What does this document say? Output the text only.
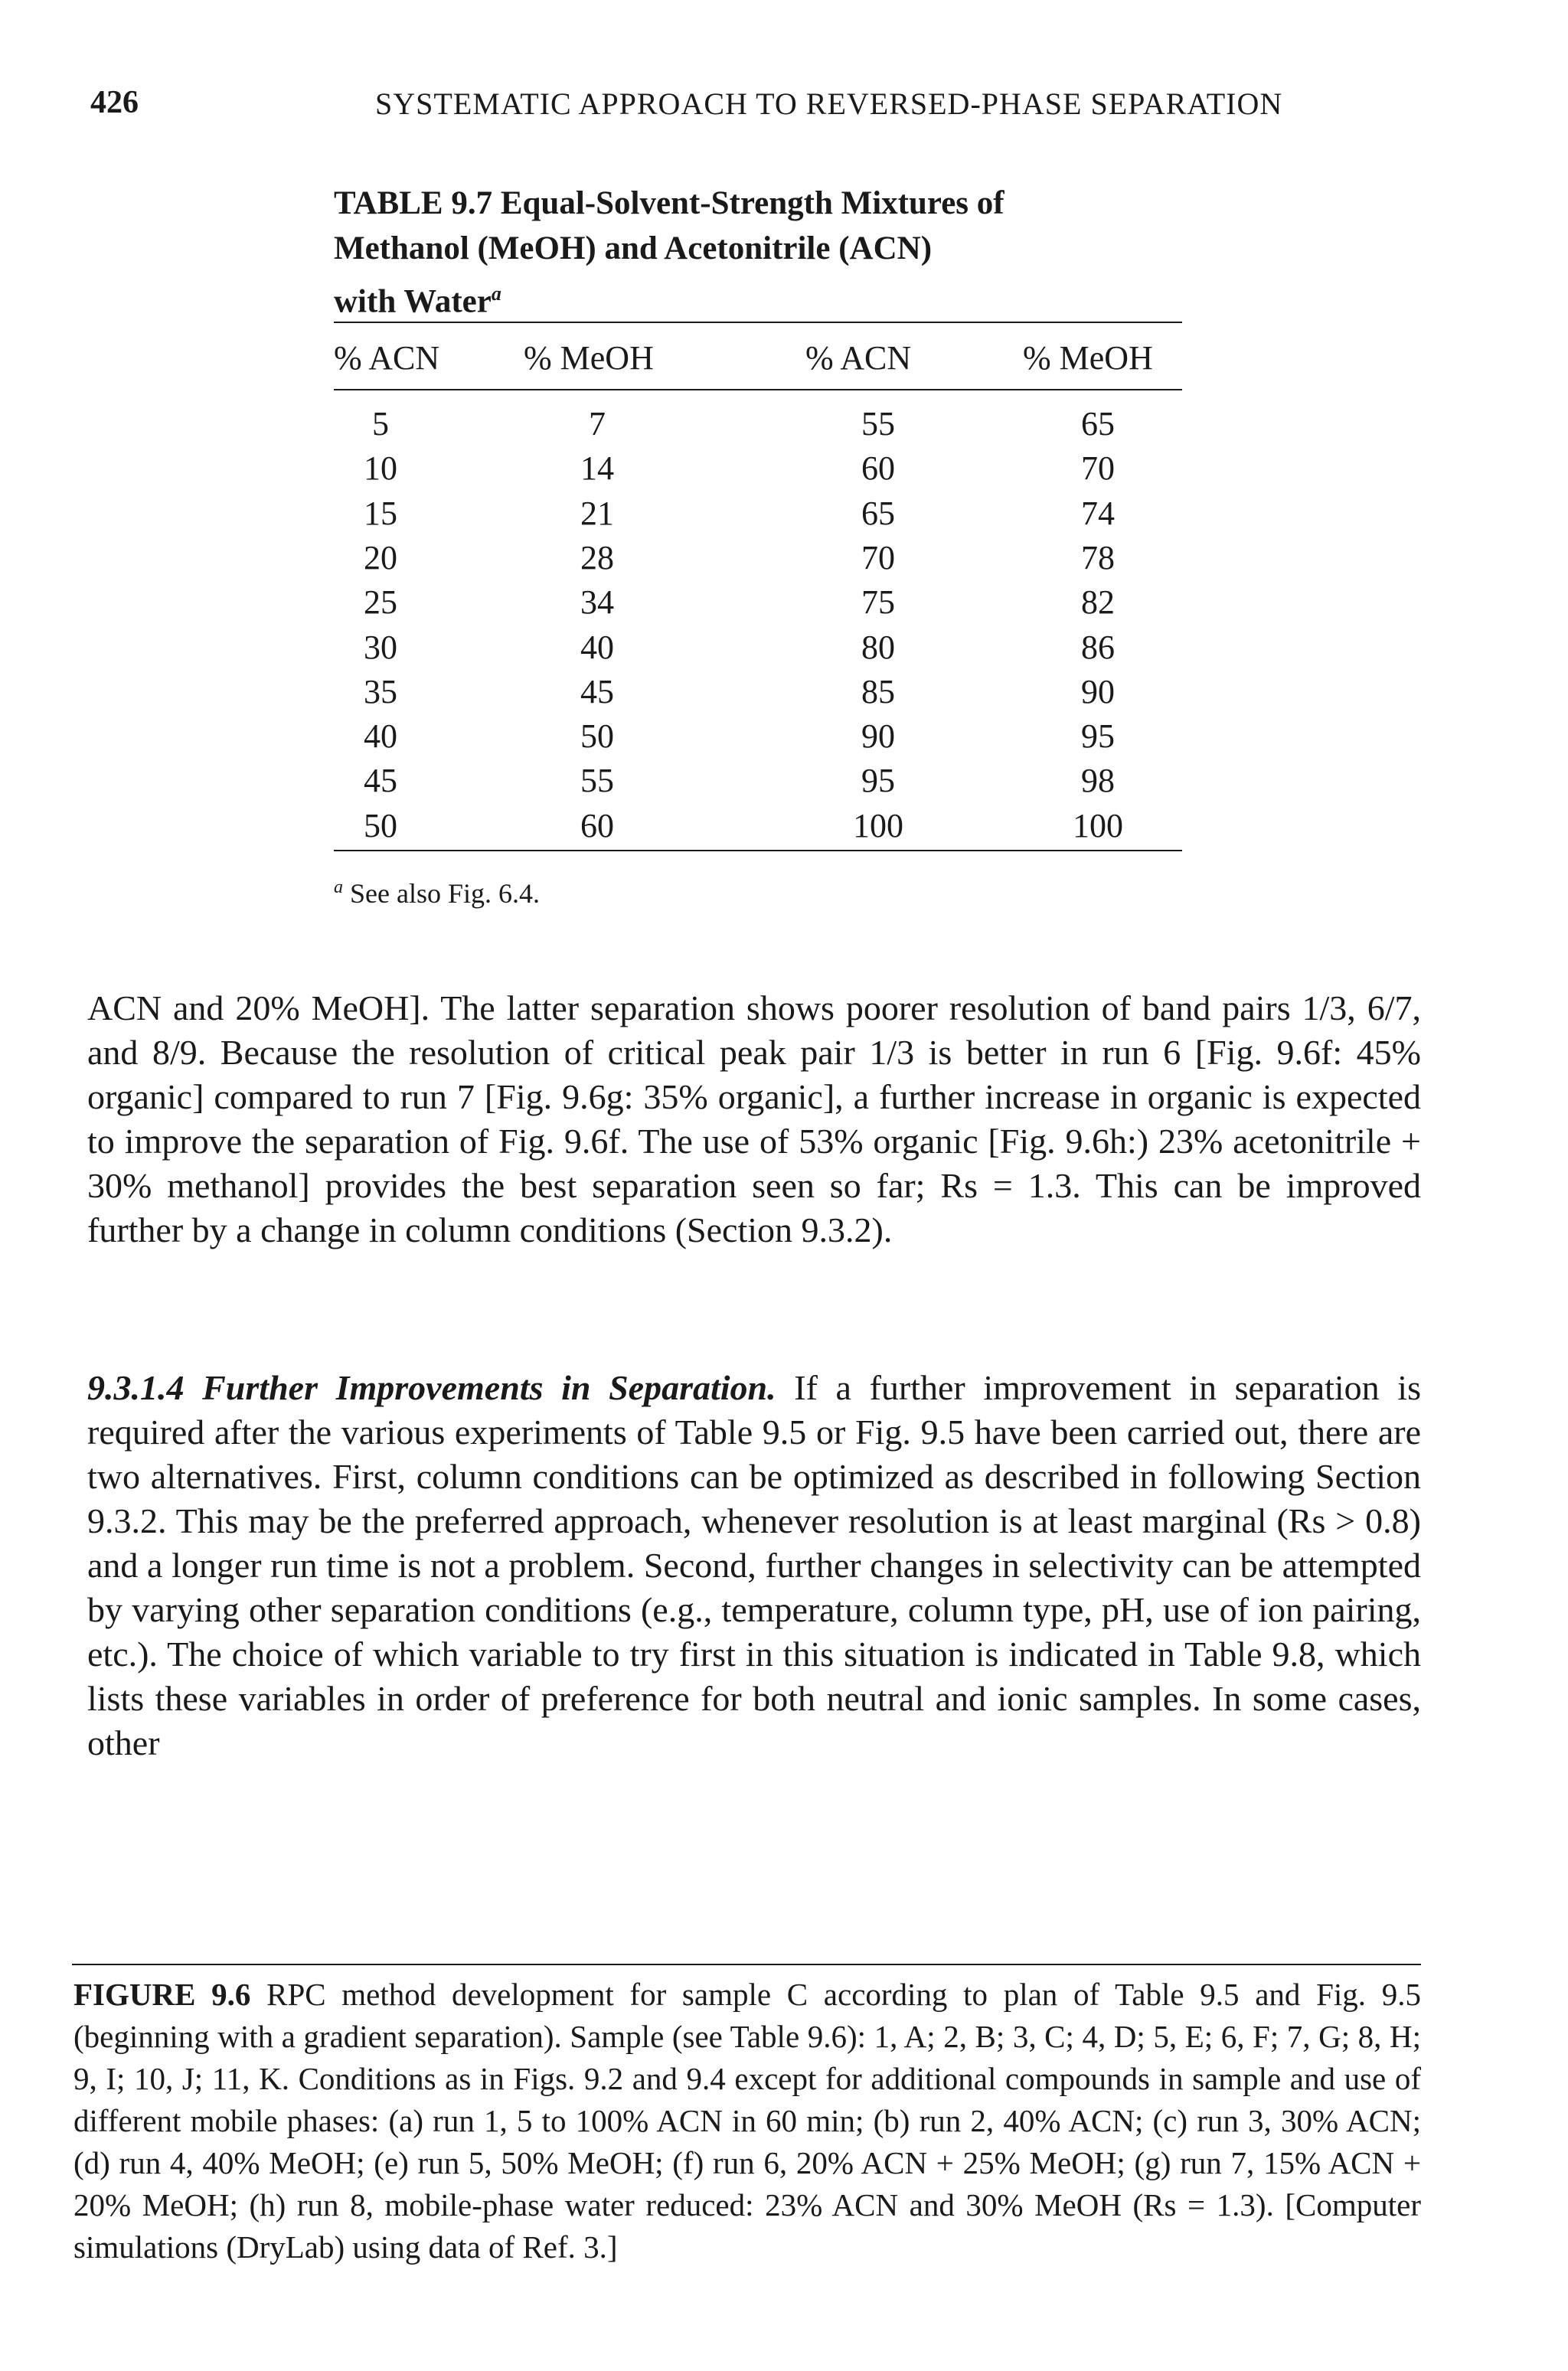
426	SYSTEMATIC APPROACH TO REVERSED-PHASE SEPARATION
TABLE 9.7 Equal-Solvent-Strength Mixtures of
Methanol (MeOH) and Acetonitrile (ACN)
with Water$^a$
% ACN % MeOH	% ACN	% MeOH
5	7	55	65
10	14	60	70
15	21	65	74
20	28	70	78
25	34	75	82
30	40	80	86
35	45	85	90
40	50	90	95
45	55	95	98
50	60	100	100
$^a$ See also Fig. 6.4.

ACN and 20% MeOH]. The latter separation shows poorer resolution of band pairs 1/3, 6/7, and 8/9. Because the resolution of critical peak pair 1/3 is better in run 6 [Fig. 9.6f: 45% organic] compared to run 7 [Fig. 9.6g: 35% organic], a further increase in organic is expected to improve the separation of Fig. 9.6f. The use of 53% organic [Fig. 9.6h:) 23% acetonitrile + 30% methanol] provides the best separation seen so far; Rs = 1.3. This can be improved further by a change in column conditions (Section 9.3.2).

9.3.1.4 Further Improvements in Separation. If a further improvement in separation is required after the various experiments of Table 9.5 or Fig. 9.5 have been carried out, there are two alternatives. First, column conditions can be optimized as described in following Section 9.3.2. This may be the preferred approach, whenever resolution is at least marginal (Rs > 0.8) and a longer run time is not a problem. Second, further changes in selectivity can be attempted by varying other separation conditions (e.g., temperature, column type, pH, use of ion pairing, etc.). The choice of which variable to try first in this situation is indicated in Table 9.8, which lists these variables in order of preference for both neutral and ionic samples. In some cases, other

FIGURE 9.6 RPC method development for sample C according to plan of Table 9.5 and Fig. 9.5 (beginning with a gradient separation). Sample (see Table 9.6): 1, A; 2, B; 3, C; 4, D; 5, E; 6, F; 7, G; 8, H; 9, I; 10, J; 11, K. Conditions as in Figs. 9.2 and 9.4 except for additional compounds in sample and use of different mobile phases: (a) run 1, 5 to 100% ACN in 60 min; (b) run 2, 40% ACN; (c) run 3, 30% ACN; (d) run 4, 40% MeOH; (e) run 5, 50% MeOH; (f) run 6, 20% ACN + 25% MeOH; (g) run 7, 15% ACN + 20% MeOH; (h) run 8, mobile-phase water reduced: 23% ACN and 30% MeOH (Rs = 1.3). [Computer simulations (DryLab) using data of Ref. 3.]
